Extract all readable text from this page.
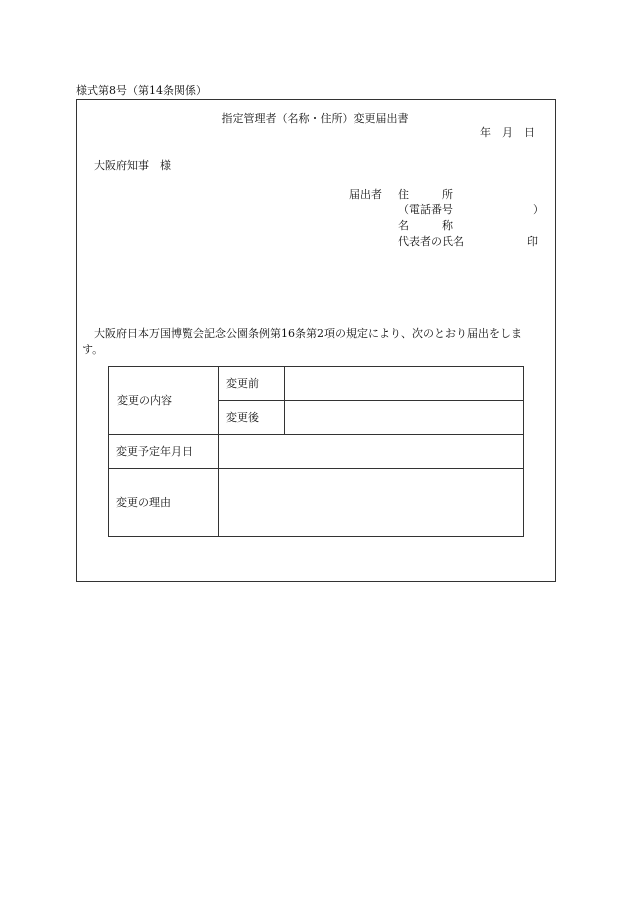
様式第8号（第14条関係）
指定管理者（名称・住所）変更届出書
年　月　日
大阪府知事　様
届出者 住　　　所
（電話番号	）
名　　　称
代表者の氏名	印
大阪府日本万国博覧会記念公園条例第16条第2項の規定により、次のとおり届出をしま
す。
変更の内容
変更前
変更後
変更予定年月日
変更の理由
